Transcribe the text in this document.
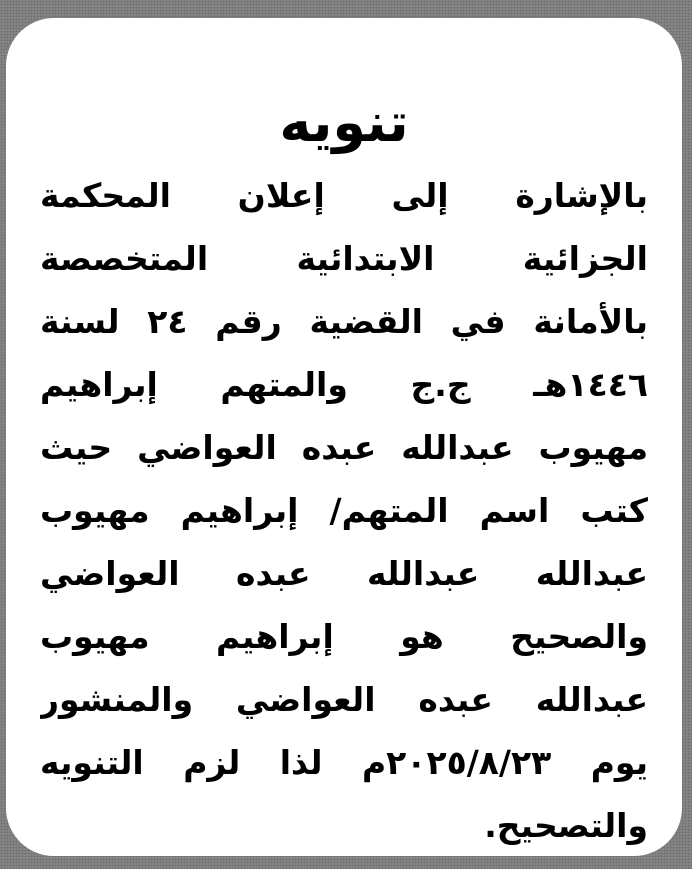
تنويه
بالإشارة إلى إعلان المحكمة
الجزائية الابتدائية المتخصصة
بالأمانة في القضية رقم ٢٤ لسنة
١٤٤٦هـ ج.ج والمتهم إبراهيم
مهيوب عبدالله عبده العواضي حيث
كتب اسم المتهم/ إبراهيم مهيوب
عبدالله عبدالله عبده العواضي
والصحيح هو إبراهيم مهيوب
عبدالله عبده العواضي والمنشور
يوم ٢٠٢٥/٨/٢٣م لذا لزم التنويه
والتصحيح.
